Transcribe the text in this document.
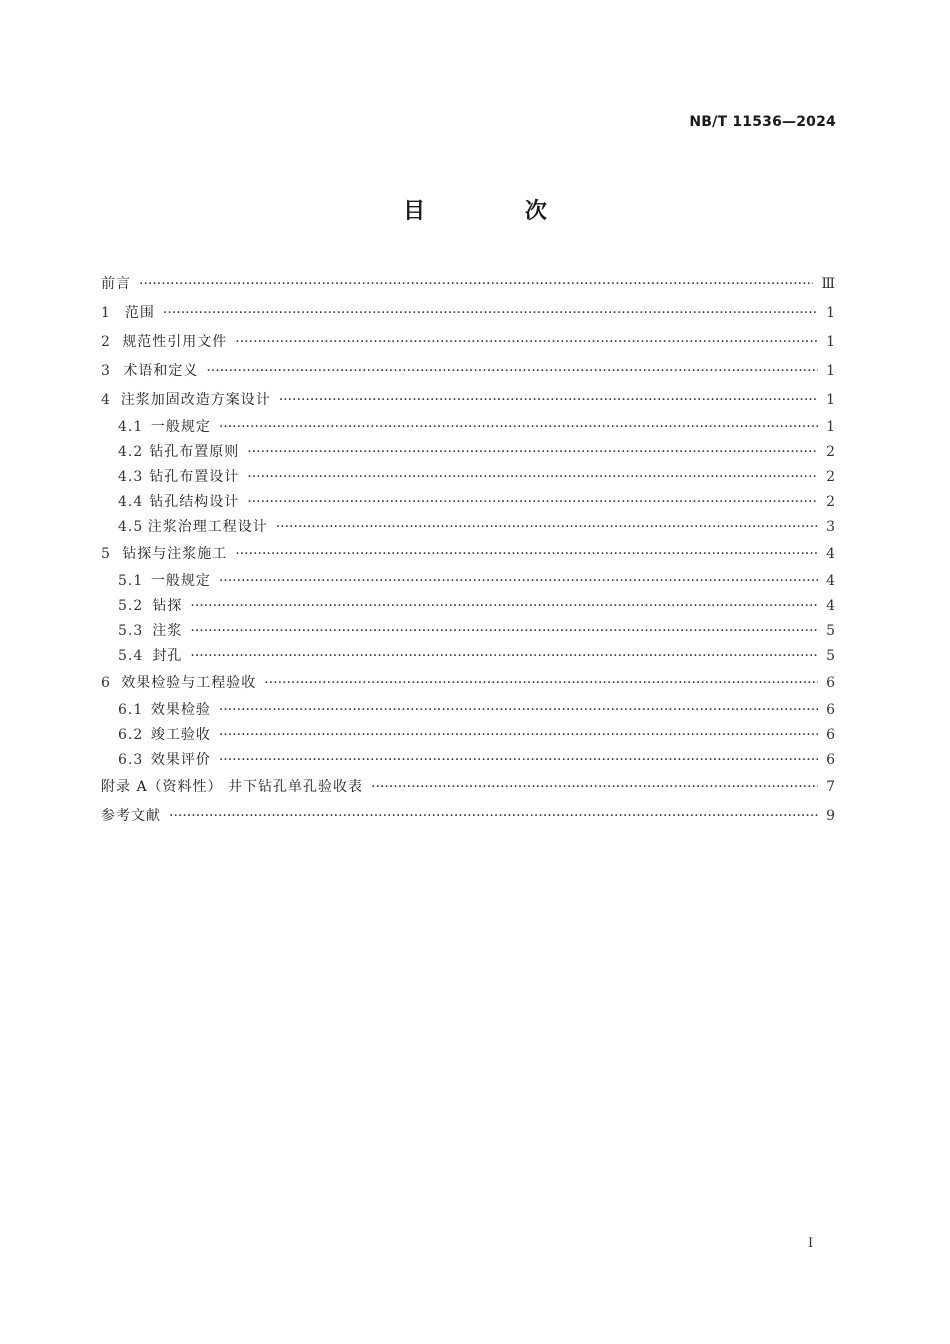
NB/T 11536—2024
目 次
前言 ·····	Ⅲ
1	范围 ·····	1
2 规范性引用文件 ·····	1
3 术语和定义 ·····	1
4 注浆加固改造方案设计 ·····	1
4.1 一般规定 ·····	1
4.2 钻孔布置原则 ·····	2
4.3 钻孔布置设计 ·····	2
4.4 钻孔结构设计 ·····	2
4.5 注浆治理工程设计 ·····	3
5 钻探与注浆施工 ·····	4
5.1 一般规定 ·····	4
5.2 钻探 ·····	4
5.3 注浆 ·····	5
5.4 封孔 ·····	5
6 效果检验与工程验收 ·····	6
6.1 效果检验 ·····	6
6.2 竣工验收 ·····	6
6.3 效果评价 ·····	6
附录 A（资料性） 井下钻孔单孔验收表 ·····	7
参考文献 ·····	9
I
